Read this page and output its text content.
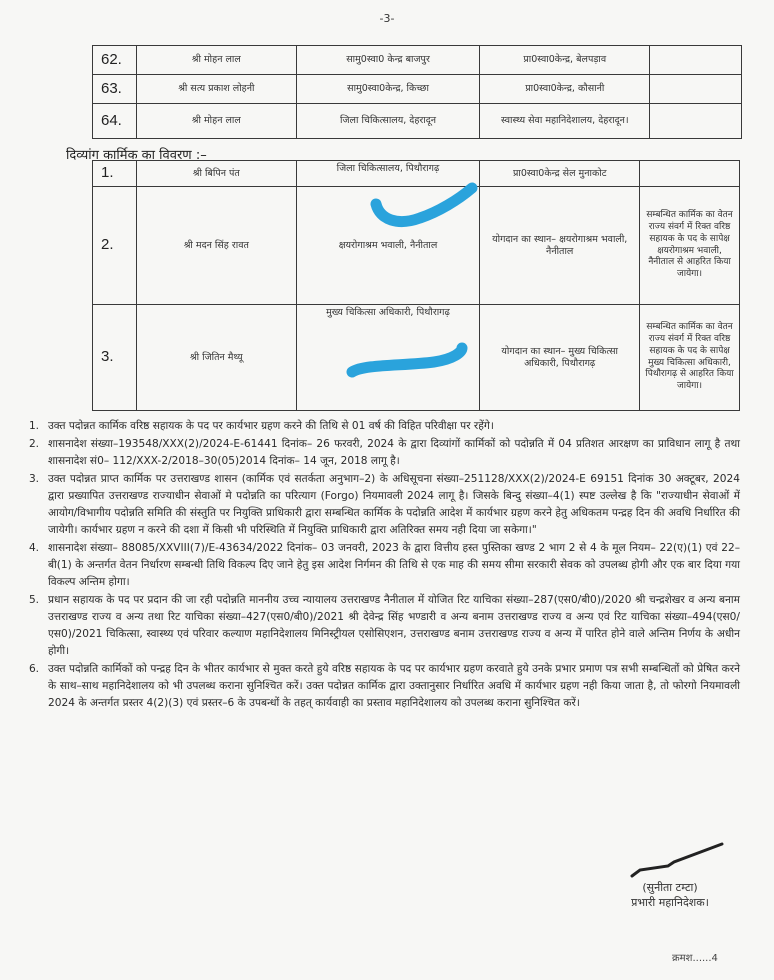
-3-
62.	श्री मोहन लाल	सामु0स्वा0 केन्द्र बाजपुर	प्रा0स्वा0केन्द्र, बेलपड़ाव	
63.	श्री सत्य प्रकाश लोहनी	सामु0स्वा0केन्द्र, किच्छा	प्रा0स्वा0केन्द्र, कौसानी	
64.	श्री मोहन लाल	जिला चिकित्सालय, देहरादून	स्वास्थ्य सेवा महानिदेशालय, देहरादून।	
दिव्यांग कार्मिक का विवरण :–
1.	श्री बिपिन पंत	जिला चिकित्सालय, पिथौरागढ़	प्रा0स्वा0केन्द्र सेल मुनाकोट	
2.	श्री मदन सिंह रावत	क्षयरोगाश्रम भवाली, नैनीताल	योगदान का स्थान– क्षयरोगाश्रम भवाली, नैनीताल	सम्बन्धित कार्मिक का वेतन राज्य संवर्ग में रिक्त वरिष्ठ सहायक के पद के सापेक्ष क्षयरोगाश्रम भवाली, नैनीताल से आहरित किया जायेगा।
3.	श्री जितिन मैथ्यू	मुख्य चिकित्सा अधिकारी, पिथौरागढ़	योगदान का स्थान– मुख्य चिकित्सा अधिकारी, पिथौरागढ़	सम्बन्धित कार्मिक का वेतन राज्य संवर्ग में रिक्त वरिष्ठ सहायक के पद के सापेक्ष मुख्य चिकित्सा अधिकारी, पिथौरागढ़ से आहरित किया जायेगा।
1. उक्त पदोन्नत कार्मिक वरिष्ठ सहायक के पद पर कार्यभार ग्रहण करने की तिथि से 01 वर्ष की विहित परिवीक्षा पर रहेंगे।
2. शासनादेश संख्या–193548/XXX(2)/2024-E-61441 दिनांक– 26 फरवरी, 2024 के द्वारा दिव्यांगों कार्मिकों को पदोन्नति में 04 प्रतिशत आरक्षण का प्राविधान लागू है तथा शासनादेश सं0– 112/XXX-2/2018–30(05)2014 दिनांक– 14 जून, 2018 लागू है।
3. उक्त पदोन्नत प्राप्त कार्मिक पर उत्तराखण्ड शासन (कार्मिक एवं सतर्कता अनुभाग–2) के अधिसूचना संख्या–251128/XXX(2)/2024-E 69151 दिनांक 30 अक्टूबर, 2024 द्वारा प्रख्यापित उत्तराखण्ड राज्याधीन सेवाओं मे पदोन्नति का परित्याग (Forgo) नियमावली 2024 लागू है। जिसके बिन्दु संख्या–4(1) स्पष्ट उल्लेख है कि "राज्याधीन सेवाओं में आयोग/विभागीय पदोन्नति समिति की संस्तुति पर नियुक्ति प्राधिकारी द्वारा सम्बन्धित कार्मिक के पदोन्नति आदेश में कार्यभार ग्रहण करने हेतु अधिकतम पन्द्रह दिन की अवधि निर्धारित की जायेगी। कार्यभार ग्रहण न करने की दशा में किसी भी परिस्थिति में नियुक्ति प्राधिकारी द्वारा अतिरिक्त समय नही दिया जा सकेगा।"
4. शासनादेश संख्या– 88085/XXVIII(7)/E-43634/2022 दिनांक– 03 जनवरी, 2023 के द्वारा वित्तीय हस्त पुस्तिका खण्ड 2 भाग 2 से 4 के मूल नियम– 22(ए)(1) एवं 22– बी(1) के अन्तर्गत वेतन निर्धारण सम्बन्धी तिथि विकल्प दिए जाने हेतु इस आदेश निर्गमन की तिथि से एक माह की समय सीमा सरकारी सेवक को उपलब्ध होगी और एक बार दिया गया विकल्प अन्तिम होगा।
5. प्रधान सहायक के पद पर प्रदान की जा रही पदोन्नति माननीय उच्च न्यायालय उत्तराखण्ड नैनीताल में योजित रिट याचिका संख्या–287(एस0/बी0)/2020 श्री चन्द्रशेखर व अन्य बनाम उत्तराखण्ड राज्य व अन्य तथा रिट याचिका संख्या–427(एस0/बी0)/2021 श्री देवेन्द्र सिंह भण्डारी व अन्य बनाम उत्तराखण्ड राज्य व अन्य एवं रिट याचिका संख्या–494(एस0/एस0)/2021 चिकित्सा, स्वास्थ्य एवं परिवार कल्याण महानिदेशालय मिनिस्ट्रीयल एसोसिएशन, उत्तराखण्ड बनाम उत्तराखण्ड राज्य व अन्य में पारित होने वाले अन्तिम निर्णय के अधीन होगी।
6. उक्त पदोन्नति कार्मिकों को पन्द्रह दिन के भीतर कार्यभार से मुक्त करते हुये वरिष्ठ सहायक के पद पर कार्यभार ग्रहण करवाते हुये उनके प्रभार प्रमाण पत्र सभी सम्बन्धितों को प्रेषित करने के साथ–साथ महानिदेशालय को भी उपलब्ध कराना सुनिश्चित करें। उक्त पदोन्नत कार्मिक द्वारा उक्तानुसार निर्धारित अवधि में कार्यभार ग्रहण नही किया जाता है, तो फोरगो नियमावली 2024 के अन्तर्गत प्रस्तर 4(2)(3) एवं प्रस्तर–6 के उपबन्धों के तहत् कार्यवाही का प्रस्ताव महानिदेशालय को उपलब्ध कराना सुनिश्चित करें।
(सुनीता टम्टा)
प्रभारी महानिदेशक।
क्रमश......4
